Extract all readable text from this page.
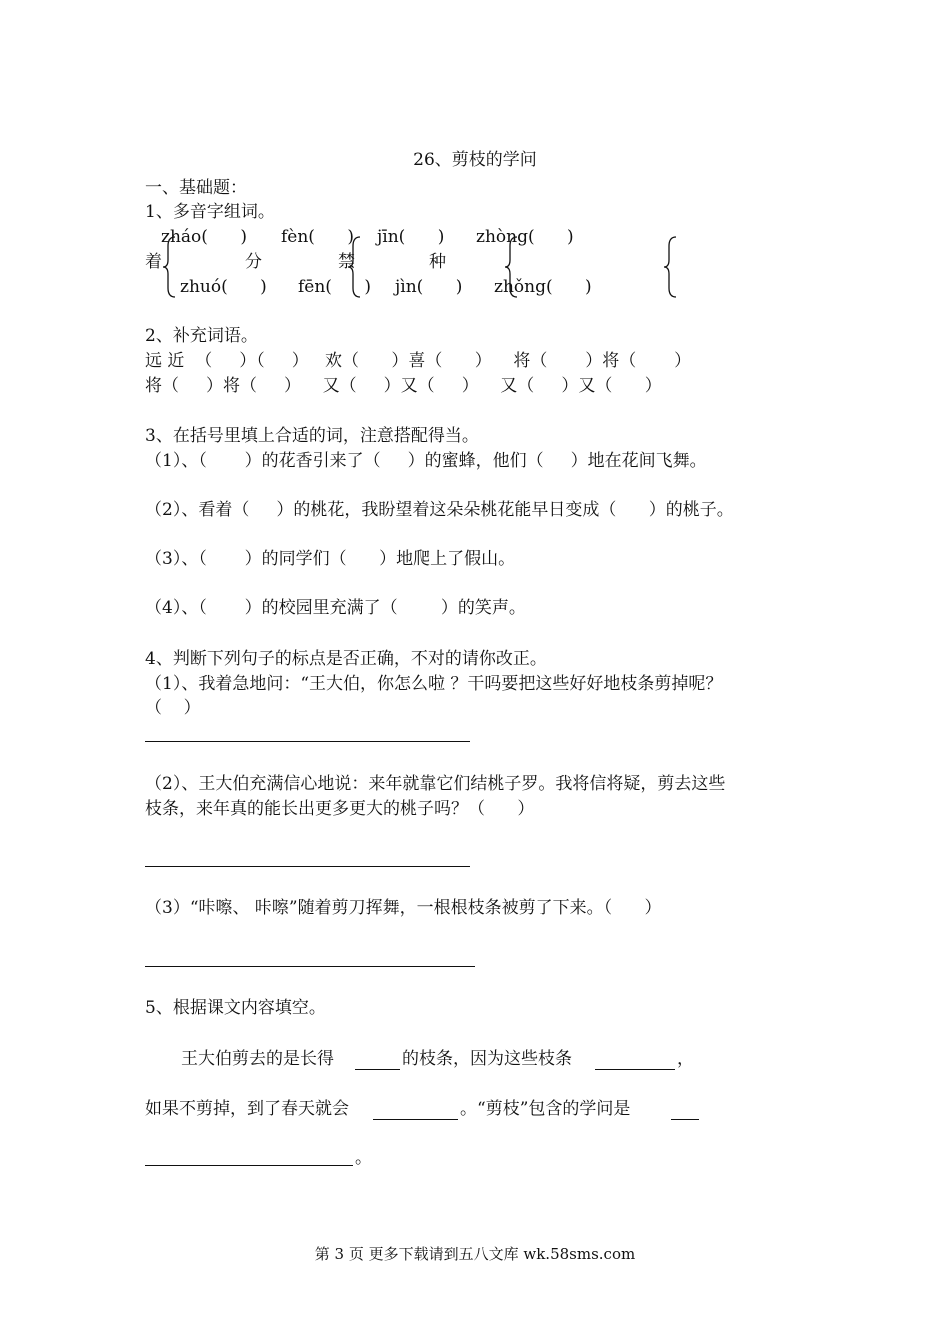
26、剪枝的学问
一、基础题：
1、多音字组词。
zháo(      ) fèn(      ) jīn(      ) zhòng(      )
着	分	禁	种
zhuó(      ) fēn(      ) jìn(      ) zhǒng(      )
2、补充词语。
远 近  （     ）（     ）   欢（      ）喜（      ）    将（       ）将（       ）
将（     ）将（     ）    又（     ）又（     ）    又（     ）又（      ）
3、在括号里填上合适的词，注意搭配得当。
（1）、（       ）的花香引来了（     ）的蜜蜂，他们（     ）地在花间飞舞。
（2）、看着（     ）的桃花，我盼望着这朵朵桃花能早日变成（      ）的桃子。
（3）、（       ）的同学们（      ）地爬上了假山。
（4）、（       ）的校园里充满了（        ）的笑声。
4、判断下列句子的标点是否正确，不对的请你改正。
（1）、我着急地问：“王大伯，你怎么啦 ？干吗要把这些好好地枝条剪掉呢？
（    ）
（2）、王大伯充满信心地说：来年就靠它们结桃子罗。我将信将疑，剪去这些
枝条，来年真的能长出更多更大的桃子吗？（      ）
（3）“咔嚓、 咔嚓”随着剪刀挥舞，一根根枝条被剪了下来。（      ）
5、根据课文内容填空。
王大伯剪去的是长得	的枝条，因为这些枝条	，
如果不剪掉，到了春天就会	。“剪枝”包含的学问是
。
第 3 页 更多下载请到五八文库 wk.58sms.com
